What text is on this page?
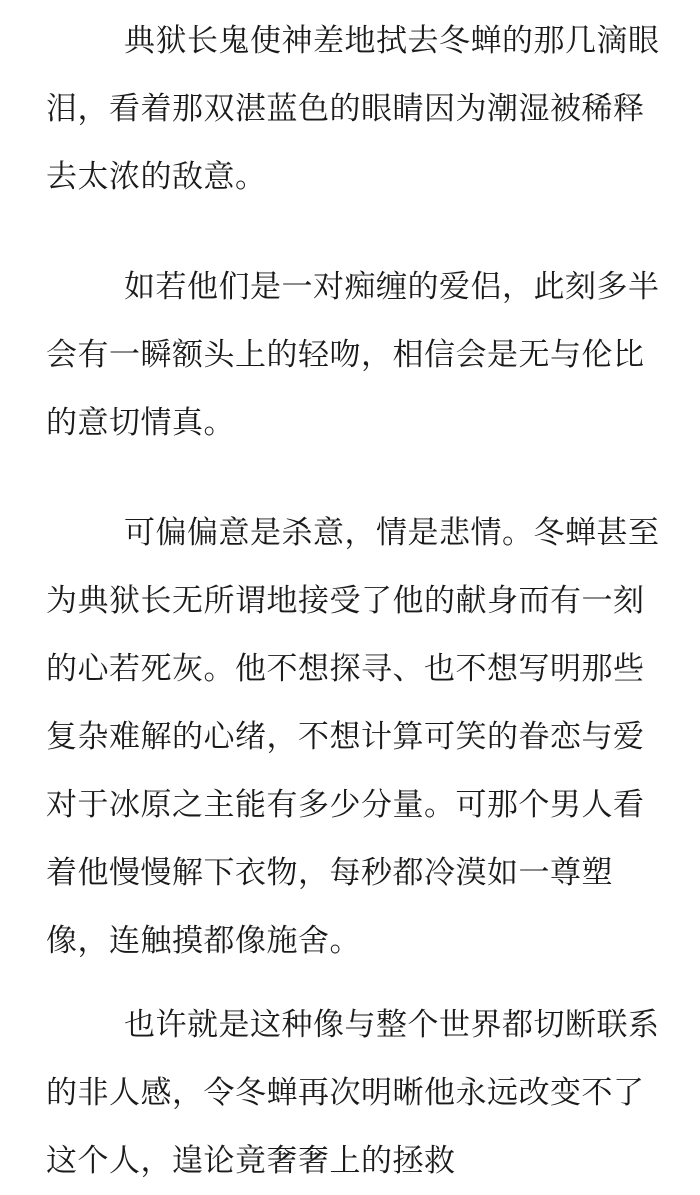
典狱长鬼使神差地拭去冬蝉的那几滴眼
泪，看着那双湛蓝色的眼睛因为潮湿被稀释
去太浓的敌意。
如若他们是一对痴缠的爱侣，此刻多半
会有一瞬额头上的轻吻，相信会是无与伦比
的意切情真。
可偏偏意是杀意，情是悲情。冬蝉甚至
为典狱长无所谓地接受了他的献身而有一刻
的心若死灰。他不想探寻、也不想写明那些
复杂难解的心绪，不想计算可笑的眷恋与爱
对于冰原之主能有多少分量。可那个男人看
着他慢慢解下衣物，每秒都冷漠如一尊塑
像，连触摸都像施舍。
也许就是这种像与整个世界都切断联系
的非人感，令冬蝉再次明晰他永远改变不了
这个人，遑论竟奢奢上的拯救
